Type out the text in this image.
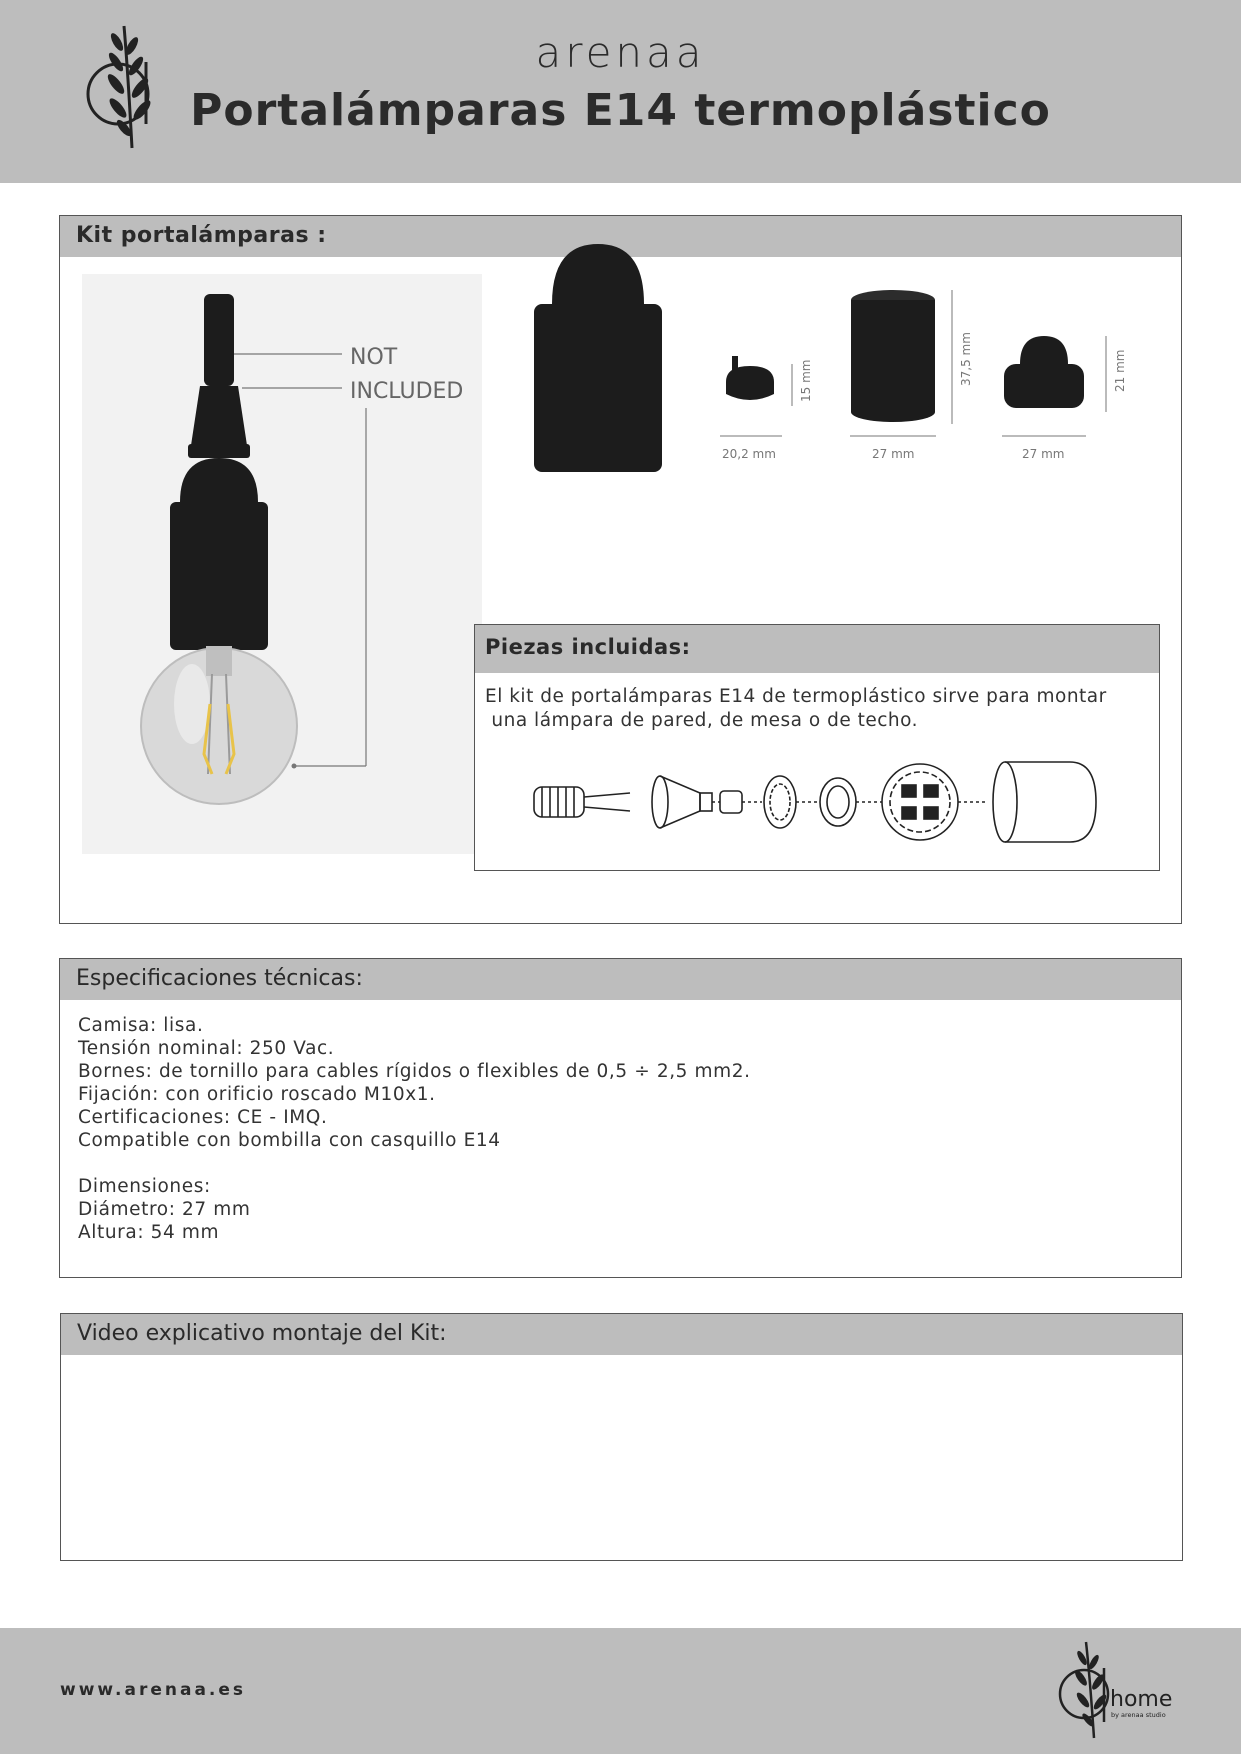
arenaa
Portalámparas E14 termoplástico
Kit portalámparas :
NOT
INCLUDED	15 mm
20,2 mm
37,5 mm
27 mm
21 mm
27 mm
Piezas incluidas:
El kit de portalámparas E14 de termoplástico sirve para montar
una lámpara de pared, de mesa o de techo.
Especificaciones técnicas:
Camisa: lisa.
Tensión nominal: 250 Vac.
Bornes: de tornillo para cables rígidos o flexibles de 0,5 ÷ 2,5 mm2.
Fijación: con orificio roscado M10x1.
Certificaciones: CE - IMQ.
Compatible con bombilla con casquillo E14
Dimensiones:
Diámetro: 27 mm
Altura: 54 mm
Video explicativo montaje del Kit:
www.arenaa.es	home
by arenaa studio
